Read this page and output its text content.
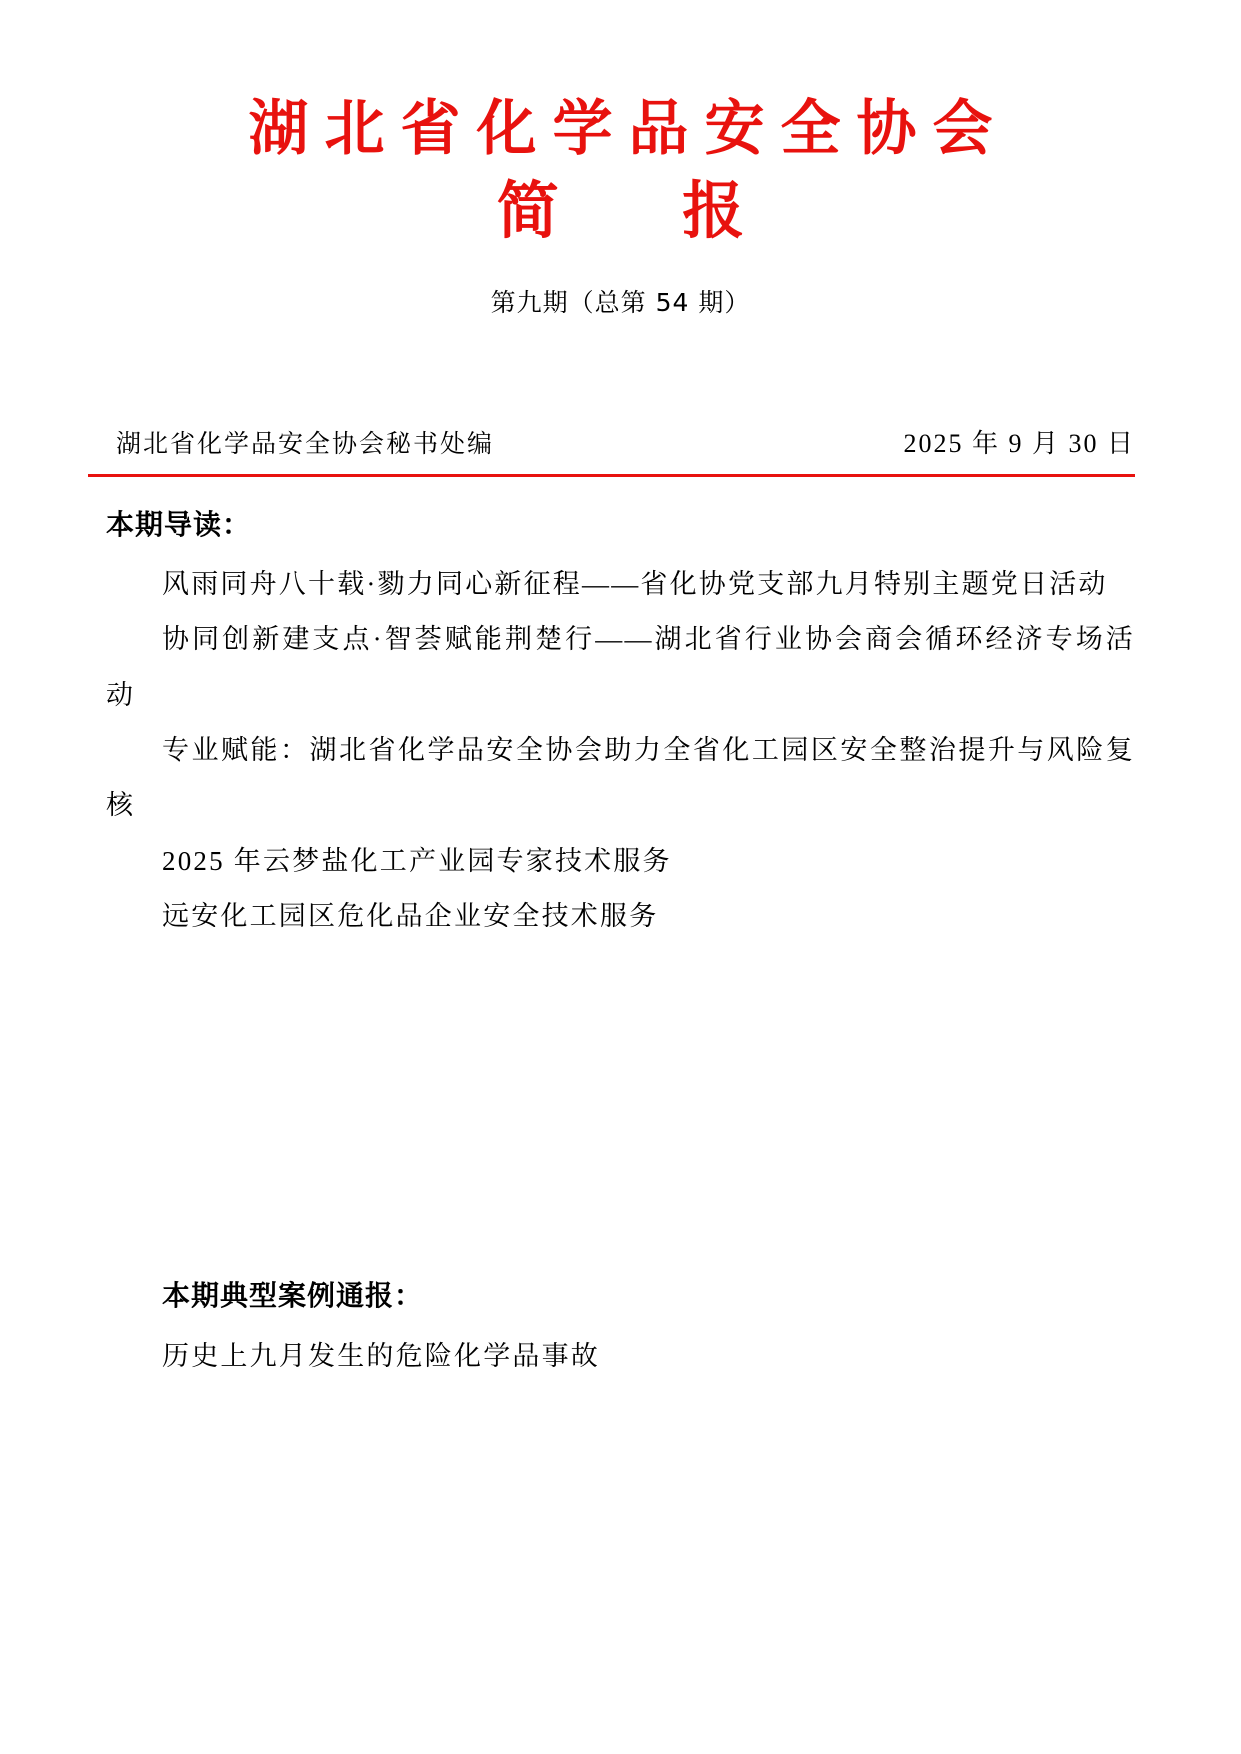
湖北省化学品安全协会
简 报
第九期（总第 54 期）
湖北省化学品安全协会秘书处编	2025 年 9 月 30 日
本期导读：
风雨同舟八十载·勠力同心新征程——省化协党支部九月特别主题党日活动
协同创新建支点·智荟赋能荆楚行——湖北省行业协会商会循环经济专场活动
专业赋能：湖北省化学品安全协会助力全省化工园区安全整治提升与风险复核
2025 年云梦盐化工产业园专家技术服务
远安化工园区危化品企业安全技术服务
本期典型案例通报：
历史上九月发生的危险化学品事故
